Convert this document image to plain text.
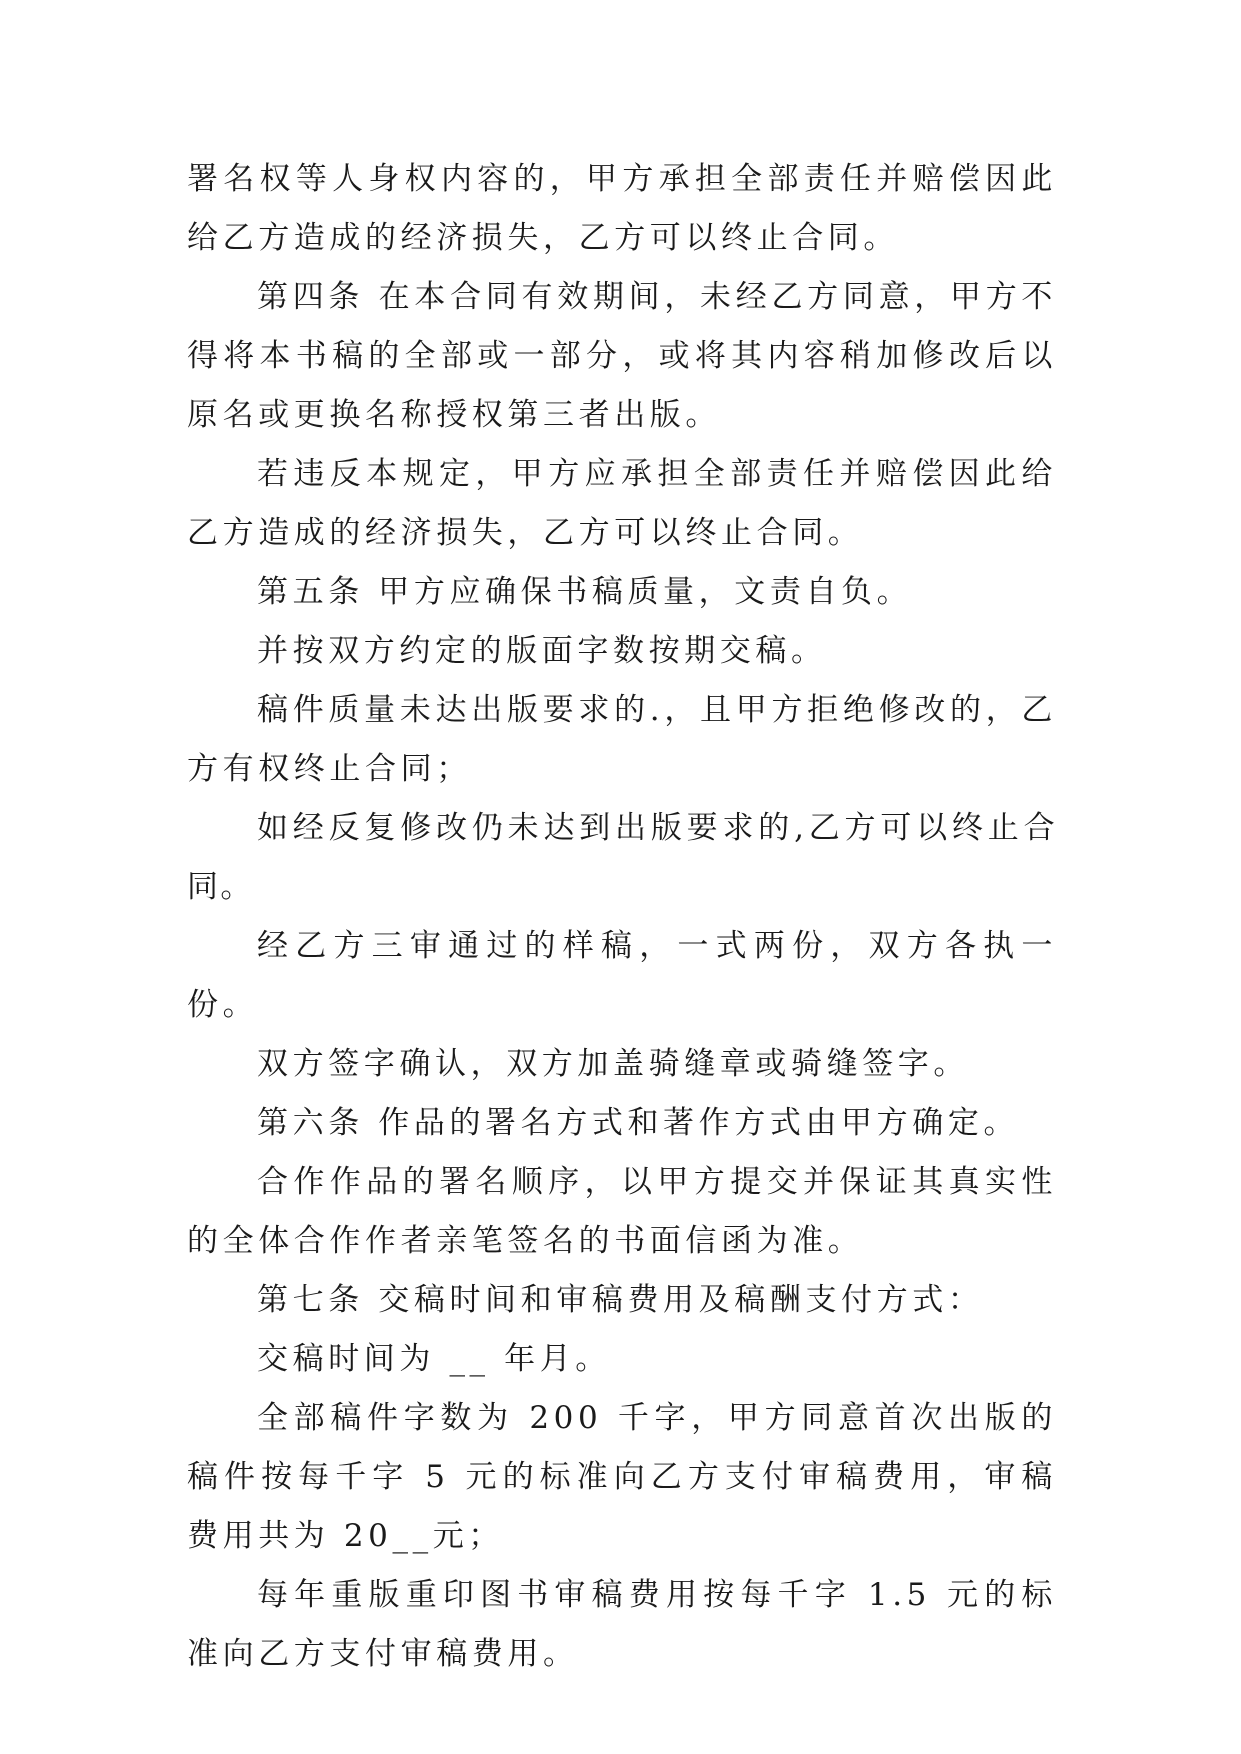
署名权等人身权内容的，甲方承担全部责任并赔偿因此给乙方造成的经济损失，乙方可以终止合同。

第四条 在本合同有效期间，未经乙方同意，甲方不得将本书稿的全部或一部分，或将其内容稍加修改后以原名或更换名称授权第三者出版。

若违反本规定，甲方应承担全部责任并赔偿因此给乙方造成的经济损失，乙方可以终止合同。

第五条 甲方应确保书稿质量，文责自负。

并按双方约定的版面字数按期交稿。

稿件质量未达出版要求的.，且甲方拒绝修改的，乙方有权终止合同；

如经反复修改仍未达到出版要求的,乙方可以终止合同。

经乙方三审通过的样稿，一式两份，双方各执一份。

双方签字确认，双方加盖骑缝章或骑缝签字。

第六条 作品的署名方式和著作方式由甲方确定。

合作作品的署名顺序，以甲方提交并保证其真实性的全体合作作者亲笔签名的书面信函为准。

第七条 交稿时间和审稿费用及稿酬支付方式：

交稿时间为 __ 年月。

全部稿件字数为 200 千字，甲方同意首次出版的稿件按每千字 5 元的标准向乙方支付审稿费用，审稿费用共为 20__元；

每年重版重印图书审稿费用按每千字 1.5 元的标准向乙方支付审稿费用。
